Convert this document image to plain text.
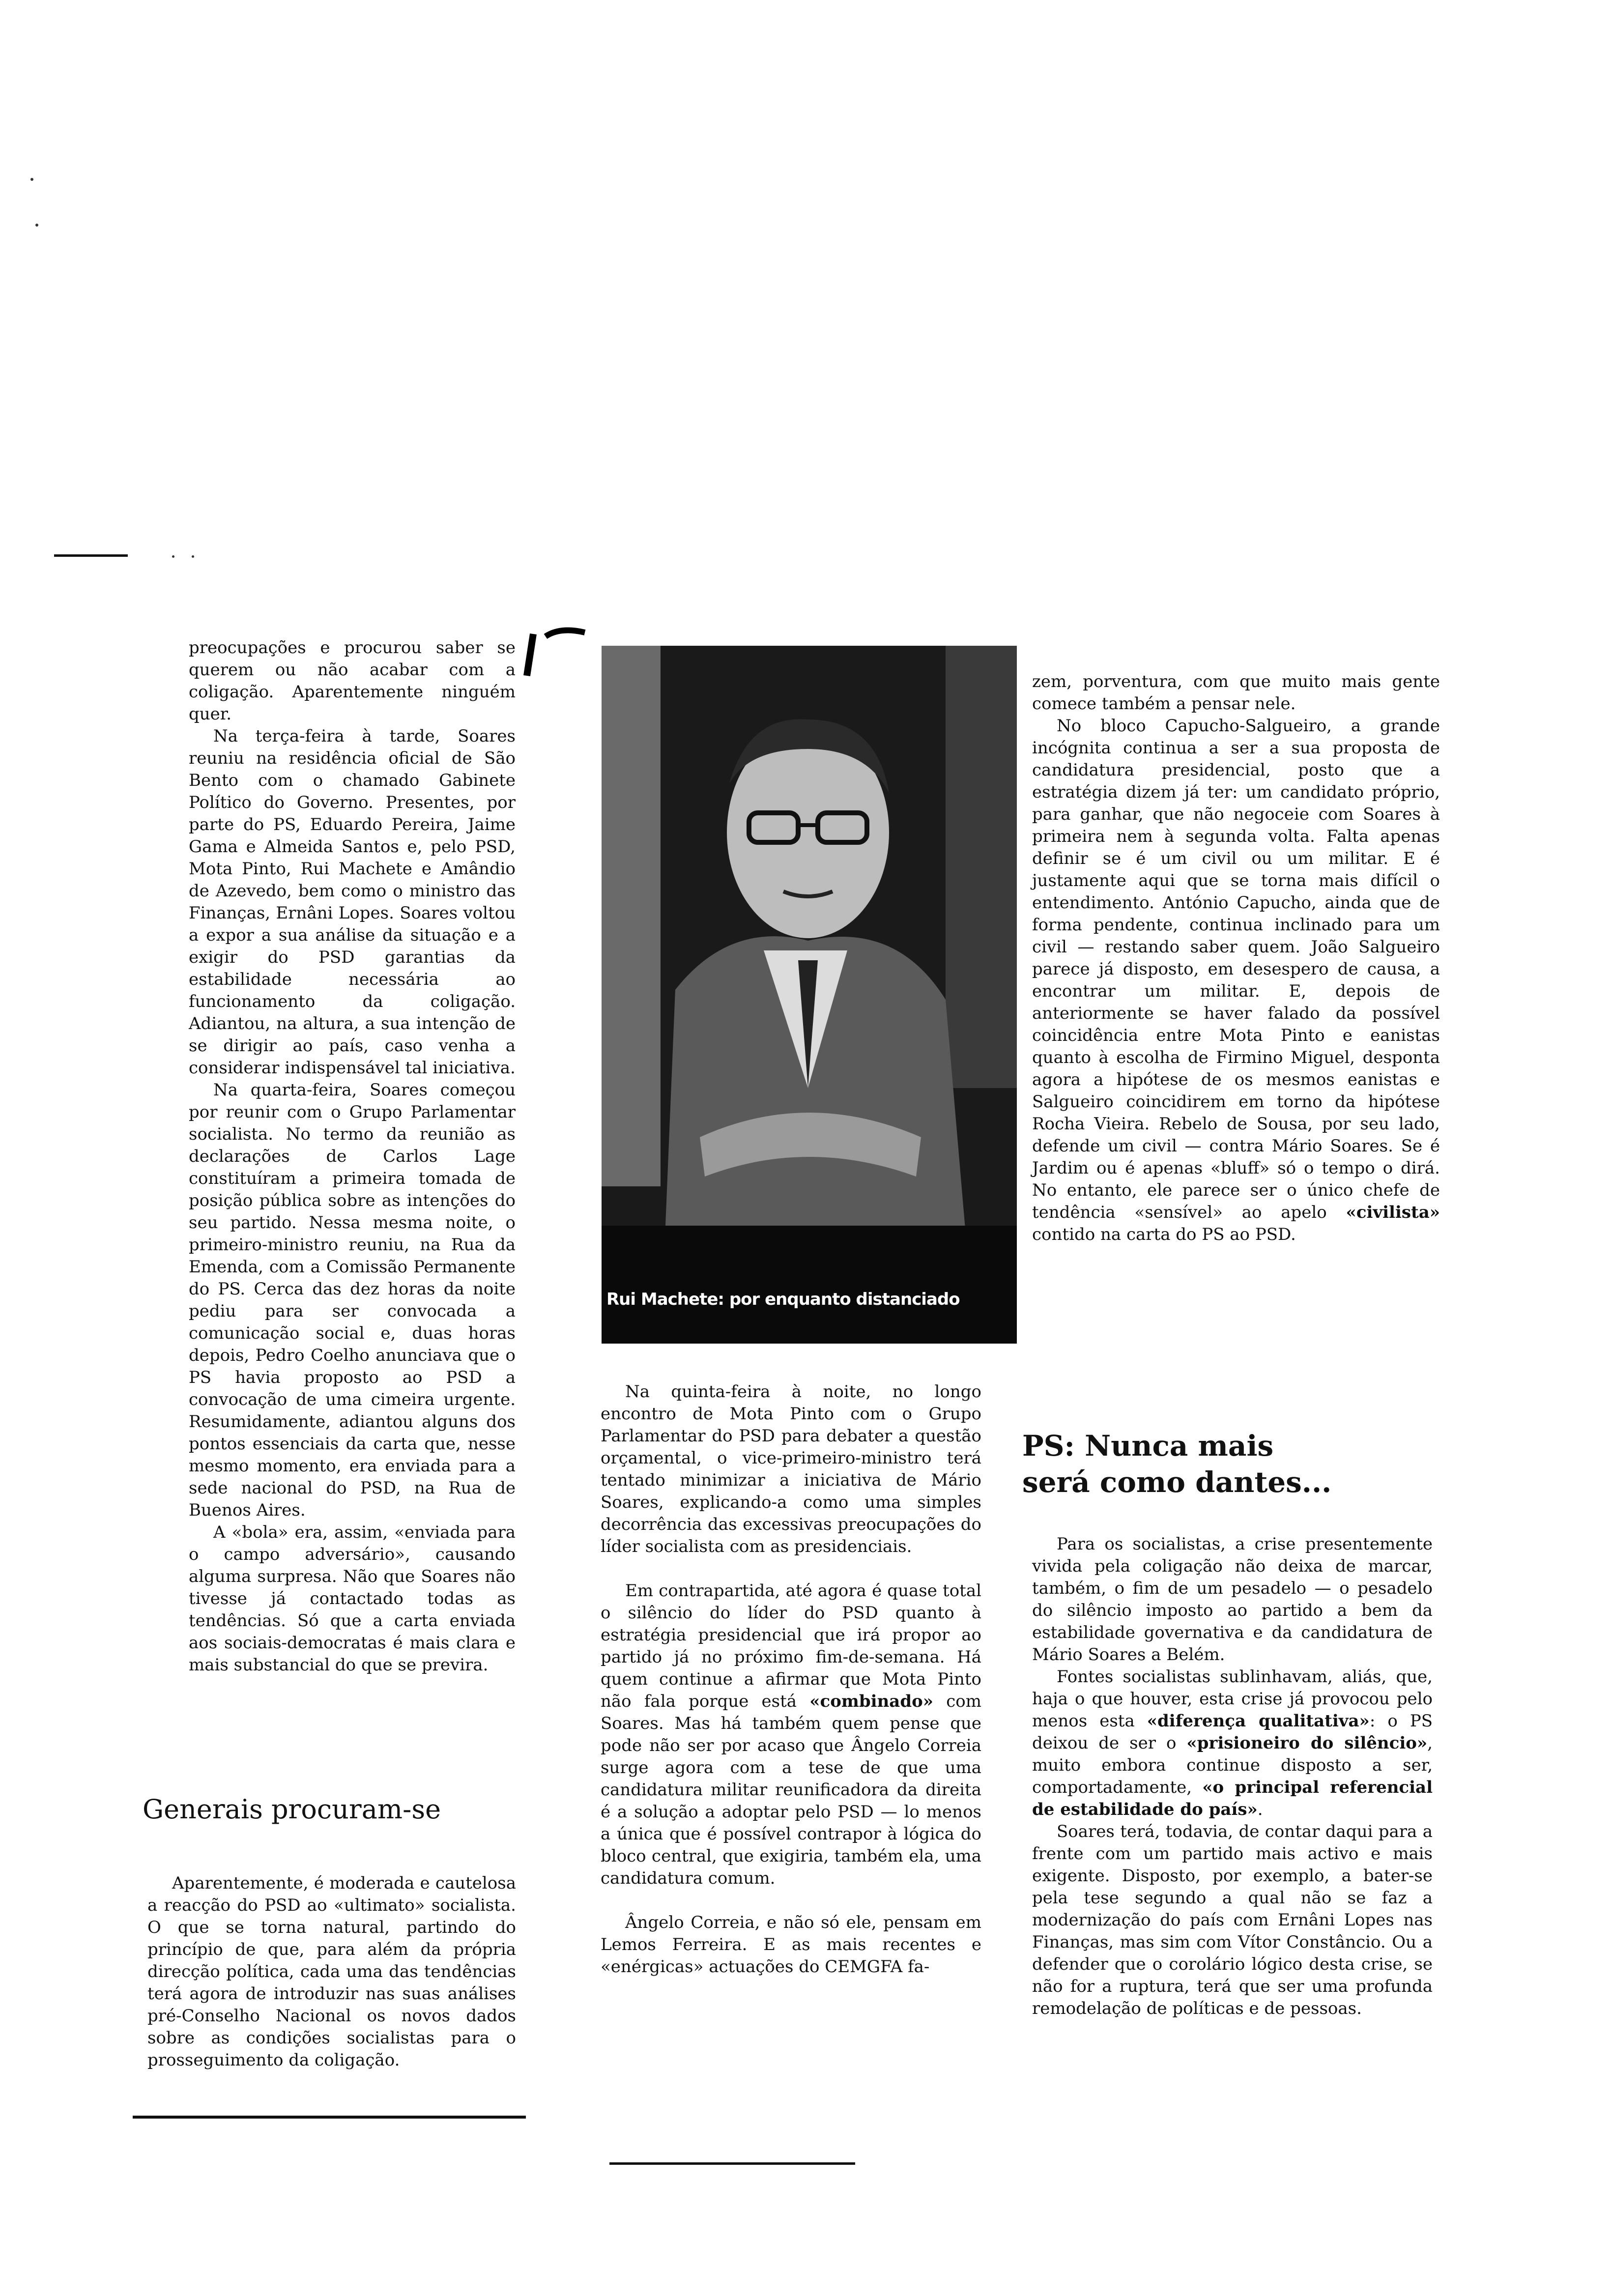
preocupações e procurou saber se querem ou não acabar com a coligação. Aparentemente ninguém quer.

Na terça-feira à tarde, Soares reuniu na residência oficial de São Bento com o chamado Gabinete Político do Governo. Presentes, por parte do PS, Eduardo Pereira, Jaime Gama e Almeida Santos e, pelo PSD, Mota Pinto, Rui Machete e Amândio de Azevedo, bem como o ministro das Finanças, Ernâni Lopes. Soares voltou a expor a sua análise da situação e a exigir do PSD garantias da estabilidade necessária ao funcionamento da coligação. Adiantou, na altura, a sua intenção de se dirigir ao país, caso venha a considerar indispensável tal iniciativa.

Na quarta-feira, Soares começou por reunir com o Grupo Parlamentar socialista. No termo da reunião as declarações de Carlos Lage constituíram a primeira tomada de posição pública sobre as intenções do seu partido. Nessa mesma noite, o primeiro-ministro reuniu, na Rua da Emenda, com a Comissão Permanente do PS. Cerca das dez horas da noite pediu para ser convocada a comunicação social e, duas horas depois, Pedro Coelho anunciava que o PS havia proposto ao PSD a convocação de uma cimeira urgente. Resumidamente, adiantou alguns dos pontos essenciais da carta que, nesse mesmo momento, era enviada para a sede nacional do PSD, na Rua de Buenos Aires.

A «bola» era, assim, «enviada para o campo adversário», causando alguma surpresa. Não que Soares não tivesse já contactado todas as tendências. Só que a carta enviada aos sociais-democratas é mais clara e mais substancial do que se previra.

Generais procuram-se

Aparentemente, é moderada e cautelosa a reacção do PSD ao «ultimato» socialista. O que se torna natural, partindo do princípio de que, para além da própria direcção política, cada uma das tendências terá agora de introduzir nas suas análises pré-Conselho Nacional os novos dados sobre as condições socialistas para o prosseguimento da coligação.

Rui Machete: por enquanto distanciado

Na quinta-feira à noite, no longo encontro de Mota Pinto com o Grupo Parlamentar do PSD para debater a questão orçamental, o vice-primeiro-ministro terá tentado minimizar a iniciativa de Mário Soares, explicando-a como uma simples decorrência das excessivas preocupações do líder socialista com as presidenciais.

Em contrapartida, até agora é quase total o silêncio do líder do PSD quanto à estratégia presidencial que irá propor ao partido já no próximo fim-de-semana. Há quem continue a afirmar que Mota Pinto não fala porque está «combinado» com Soares. Mas há também quem pense que pode não ser por acaso que Ângelo Correia surge agora com a tese de que uma candidatura militar reunificadora da direita é a solução a adoptar pelo PSD — lo menos a única que é possível contrapor à lógica do bloco central, que exigiria, também ela, uma candidatura comum.

Ângelo Correia, e não só ele, pensam em Lemos Ferreira. E as mais recentes e «enérgicas» actuações do CEMGFA fa-

zem, porventura, com que muito mais gente comece também a pensar nele.

No bloco Capucho-Salgueiro, a grande incógnita continua a ser a sua proposta de candidatura presidencial, posto que a estratégia dizem já ter: um candidato próprio, para ganhar, que não negoceie com Soares à primeira nem à segunda volta. Falta apenas definir se é um civil ou um militar. E é justamente aqui que se torna mais difícil o entendimento. António Capucho, ainda que de forma pendente, continua inclinado para um civil — restando saber quem. João Salgueiro parece já disposto, em desespero de causa, a encontrar um militar. E, depois de anteriormente se haver falado da possível coincidência entre Mota Pinto e eanistas quanto à escolha de Firmino Miguel, desponta agora a hipótese de os mesmos eanistas e Salgueiro coincidirem em torno da hipótese Rocha Vieira. Rebelo de Sousa, por seu lado, defende um civil — contra Mário Soares. Se é Jardim ou é apenas «bluff» só o tempo o dirá. No entanto, ele parece ser o único chefe de tendência «sensível» ao apelo «civilista» contido na carta do PS ao PSD.

PS: Nunca mais
será como dantes...

Para os socialistas, a crise presentemente vivida pela coligação não deixa de marcar, também, o fim de um pesadelo — o pesadelo do silêncio imposto ao partido a bem da estabilidade governativa e da candidatura de Mário Soares a Belém.

Fontes socialistas sublinhavam, aliás, que, haja o que houver, esta crise já provocou pelo menos esta «diferença qualitativa»: o PS deixou de ser o «prisioneiro do silêncio», muito embora continue disposto a ser, comportadamente, «o principal referencial de estabilidade do país».

Soares terá, todavia, de contar daqui para a frente com um partido mais activo e mais exigente. Disposto, por exemplo, a bater-se pela tese segundo a qual não se faz a modernização do país com Ernâni Lopes nas Finanças, mas sim com Vítor Constâncio. Ou a defender que o corolário lógico desta crise, se não for a ruptura, terá que ser uma profunda remodelação de políticas e de pessoas.
